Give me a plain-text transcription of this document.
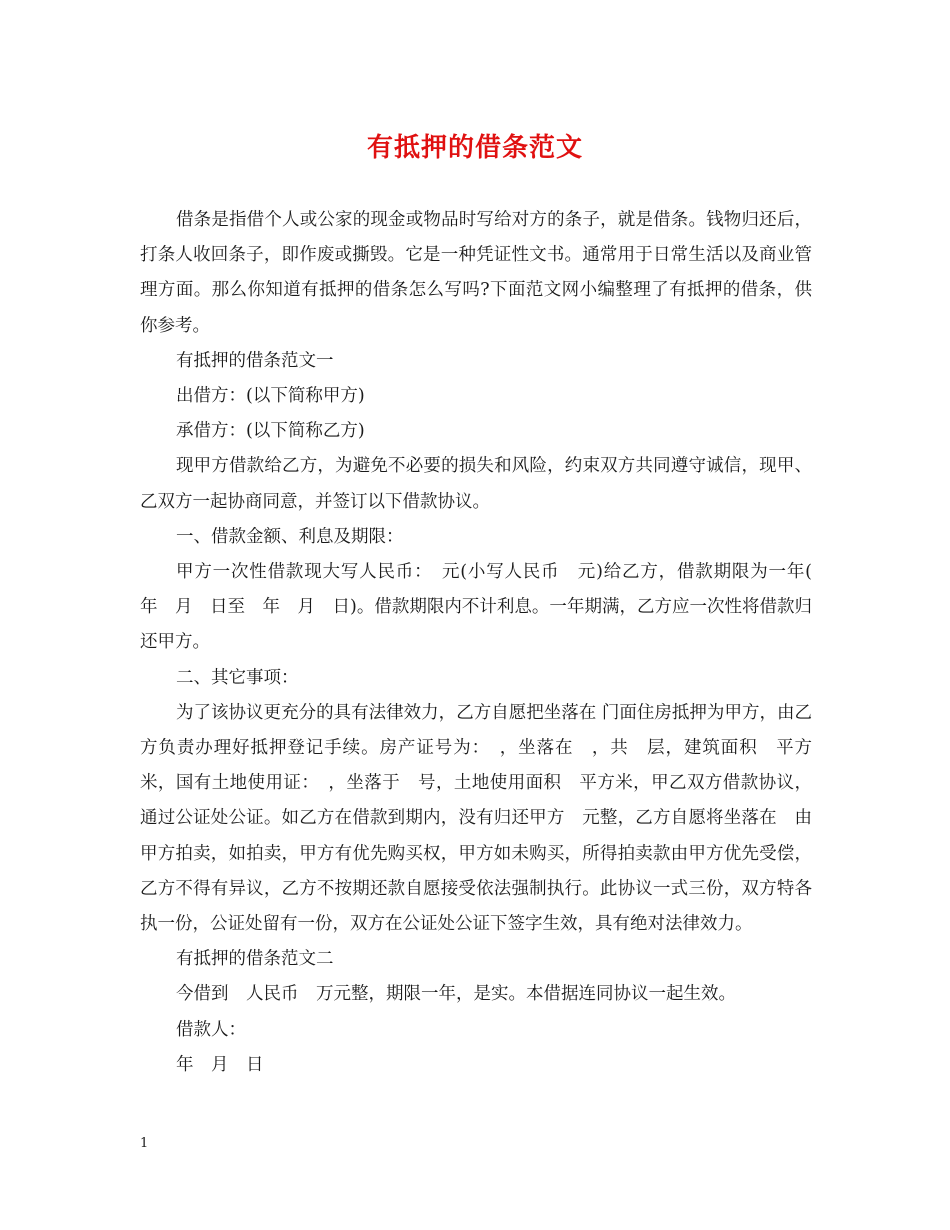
有抵押的借条范文

借条是指借个人或公家的现金或物品时写给对方的条子，就是借条。钱物归还后，打条人收回条子，即作废或撕毁。它是一种凭证性文书。通常用于日常生活以及商业管理方面。那么你知道有抵押的借条怎么写吗?下面范文网小编整理了有抵押的借条，供你参考。

有抵押的借条范文一

出借方：(以下简称甲方)

承借方：(以下简称乙方)

现甲方借款给乙方，为避免不必要的损失和风险，约束双方共同遵守诚信，现甲、乙双方一起协商同意，并签订以下借款协议。

一、借款金额、利息及期限：

甲方一次性借款现大写人民币：　元(小写人民币　元)给乙方，借款期限为一年(　年　月　日至　年　月　日)。借款期限内不计利息。一年期满，乙方应一次性将借款归还甲方。

二、其它事项：

为了该协议更充分的具有法律效力，乙方自愿把坐落在 门面住房抵押为甲方，由乙方负责办理好抵押登记手续。房产证号为：　，坐落在　，共　层，建筑面积　平方米，国有土地使用证：　，坐落于　号，土地使用面积　平方米，甲乙双方借款协议，通过公证处公证。如乙方在借款到期内，没有归还甲方　元整，乙方自愿将坐落在　由甲方拍卖，如拍卖，甲方有优先购买权，甲方如未购买，所得拍卖款由甲方优先受偿，乙方不得有异议，乙方不按期还款自愿接受依法强制执行。此协议一式三份，双方特各执一份，公证处留有一份，双方在公证处公证下签字生效，具有绝对法律效力。

有抵押的借条范文二

今借到　人民币　万元整，期限一年，是实。本借据连同协议一起生效。

借款人：

年　月　日

1
